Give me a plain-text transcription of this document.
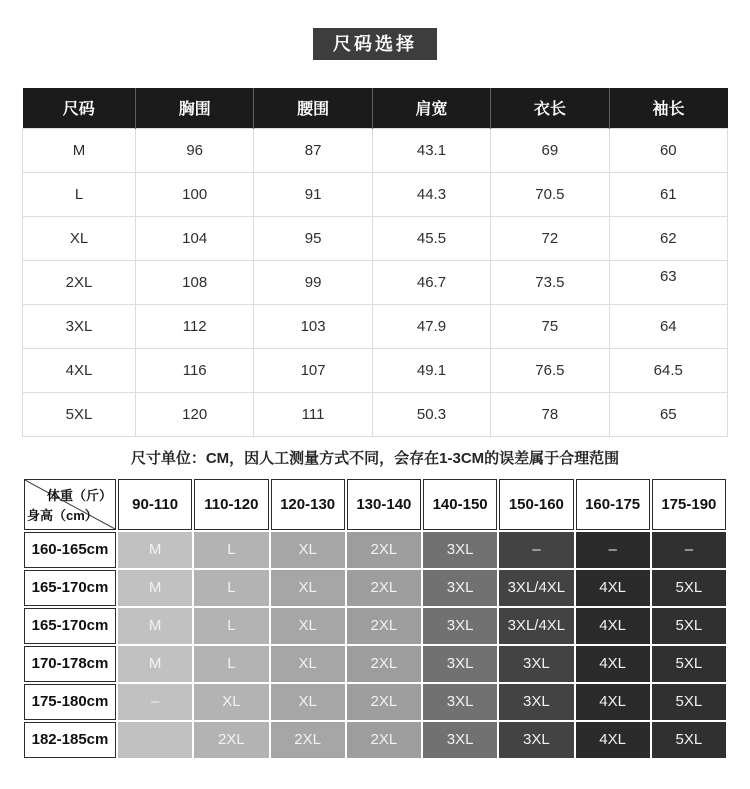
尺码选择
尺码	胸围	腰围	肩宽	衣长	袖长
M	96	87	43.1	69	60
L	100	91	44.3	70.5	61
XL	104	95	45.5	72	62
2XL	108	99	46.7	73.5	63
3XL	112	103	47.9	75	64
4XL	116	107	49.1	76.5	64.5
5XL	120	111	50.3	78	65
尺寸单位：CM，因人工测量方式不同，会存在1-3CM的误差属于合理范围
体重（斤）
身高（cm）	90-110	110-120	120-130	130-140	140-150	150-160	160-175	175-190
160-165cm	M	L	XL	2XL	3XL	–	–	–
165-170cm	M	L	XL	2XL	3XL	3XL/4XL	4XL	5XL
165-170cm	M	L	XL	2XL	3XL	3XL/4XL	4XL	5XL
170-178cm	M	L	XL	2XL	3XL	3XL	4XL	5XL
175-180cm	–	XL	XL	2XL	3XL	3XL	4XL	5XL
182-185cm		2XL	2XL	2XL	3XL	3XL	4XL	5XL
